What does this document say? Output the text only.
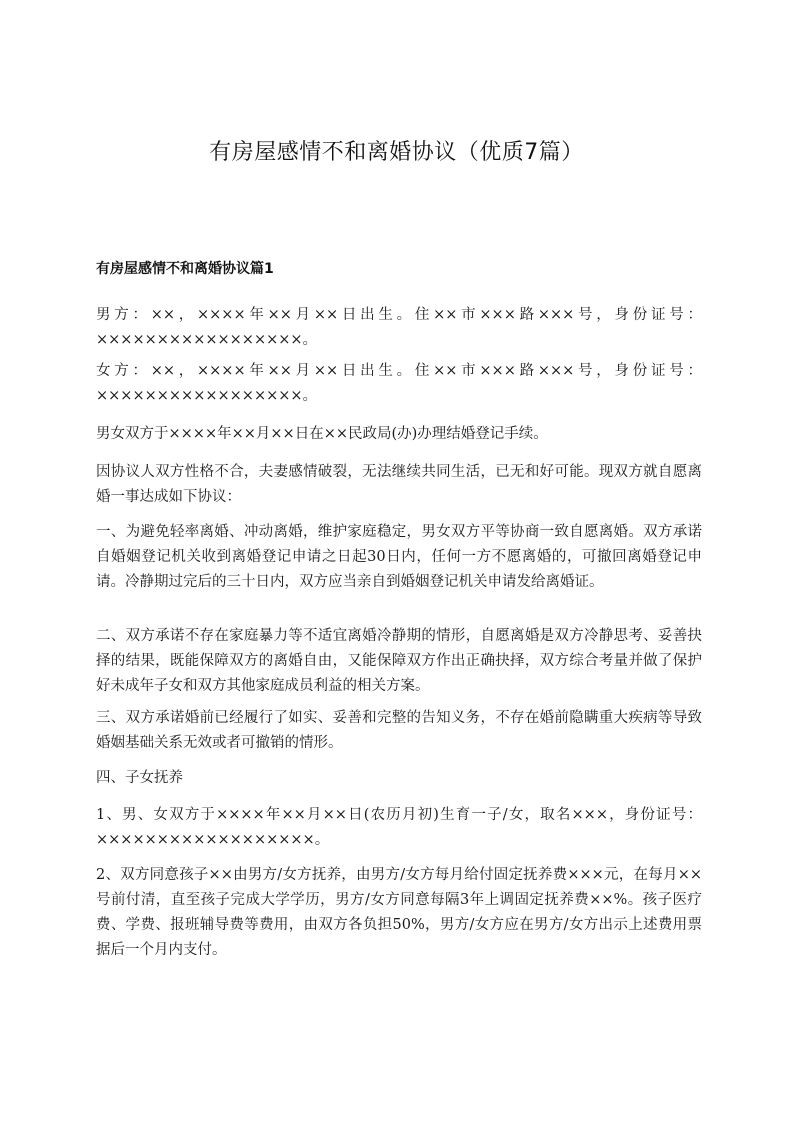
有房屋感情不和离婚协议（优质7篇）
有房屋感情不和离婚协议篇1

男方：××，××××年××月××日出生。住××市×××路×××号，身份证号：×××××××××××××××××。

女方：××，××××年××月××日出生。住××市×××路×××号，身份证号：×××××××××××××××××。

男女双方于××××年××月××日在××民政局(办)办理结婚登记手续。

因协议人双方性格不合，夫妻感情破裂，无法继续共同生活，已无和好可能。现双方就自愿离婚一事达成如下协议：

一、为避免轻率离婚、冲动离婚，维护家庭稳定，男女双方平等协商一致自愿离婚。双方承诺自婚姻登记机关收到离婚登记申请之日起30日内，任何一方不愿离婚的，可撤回离婚登记申请。冷静期过完后的三十日内，双方应当亲自到婚姻登记机关申请发给离婚证。

二、双方承诺不存在家庭暴力等不适宜离婚冷静期的情形，自愿离婚是双方冷静思考、妥善抉择的结果，既能保障双方的离婚自由，又能保障双方作出正确抉择，双方综合考量并做了保护好未成年子女和双方其他家庭成员利益的相关方案。

三、双方承诺婚前已经履行了如实、妥善和完整的告知义务，不存在婚前隐瞒重大疾病等导致婚姻基础关系无效或者可撤销的情形。

四、子女抚养

1、男、女双方于××××年××月××日(农历月初)生育一子/女，取名×××，身份证号：××××××××××××××××××。

2、双方同意孩子××由男方/女方抚养，由男方/女方每月给付固定抚养费×××元，在每月××号前付清，直至孩子完成大学学历，男方/女方同意每隔3年上调固定抚养费××%。孩子医疗费、学费、报班辅导费等费用，由双方各负担50%，男方/女方应在男方/女方出示上述费用票据后一个月内支付。
